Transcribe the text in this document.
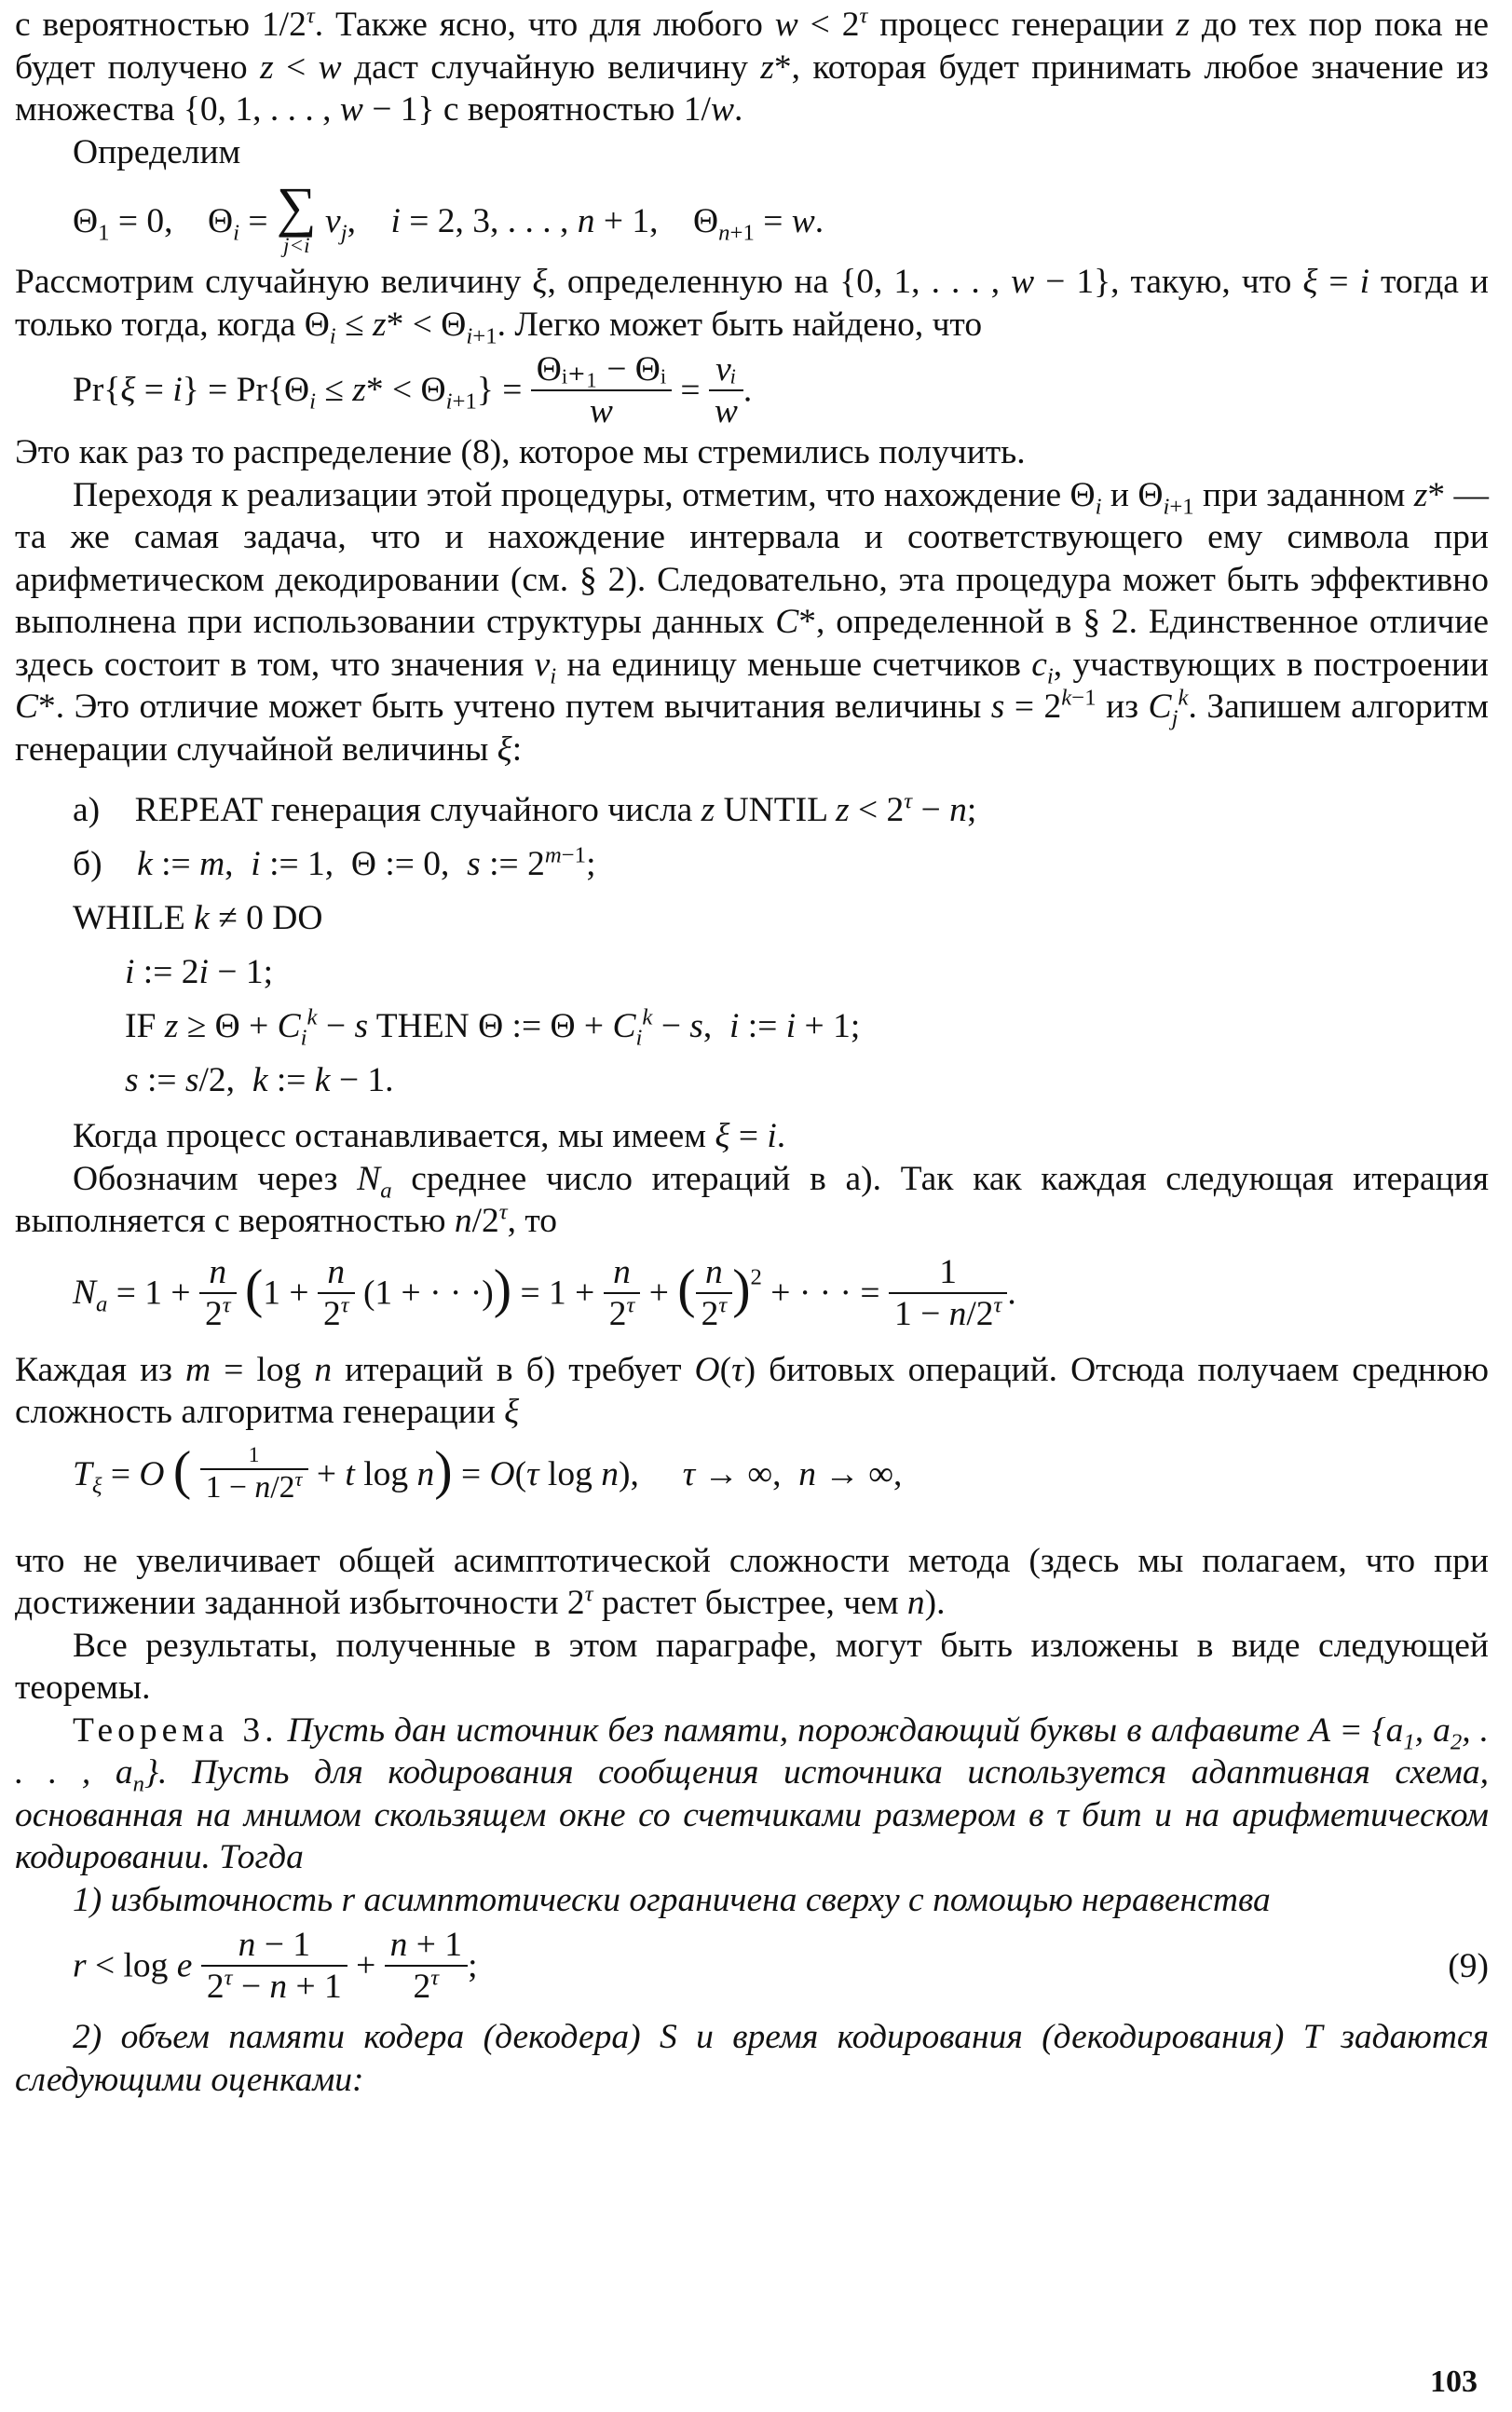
с вероятностью $1/2^\tau$. Также ясно, что для любого $w < 2^\tau$ процесс генерации z до тех пор пока не будет получено z < w даст случайную величину z*, которая будет принимать любое значение из множества {0, 1, . . . , w − 1} с вероятностью 1/w.

Определим

$\Theta_1 = 0$,    $\Theta_i$ = ∑
j<i
$\nu_j$,    i = 2, 3, . . . , n + 1,    $\Theta_{n+1} = w$.

Рассмотрим случайную величину ξ, определенную на {0, 1, . . . , w − 1}, такую, что ξ = i тогда и только тогда, когда $\Theta_i \le z* < \Theta_{i+1}$. Легко может быть найдено, что

$Pr\{\xi = i\} = Pr\{\Theta_i \le z* < \Theta_{i+1}\} = \frac{\text{Θᵢ₊₁ − Θᵢ}}{w} = \frac{\text{νᵢ}}{w}$ .

Это как раз то распределение (8), которое мы стремились получить.

Переходя к реализации этой процедуры, отметим, что нахождение $\Theta_i$ и $\Theta_{i+1}$ при заданном z* — та же самая задача, что и нахождение интервала и соответствующего ему символа при арифметическом декодировании (см. § 2). Следовательно, эта процедура может быть эффективно выполнена при использовании структуры данных C*, определенной в § 2. Единственное отличие здесь состоит в том, что значения $\nu_i$ на единицу меньше счетчиков $c_i$, участвующих в построении C*. Это отличие может быть учтено путем вычитания величины $s = 2^{k-1}$ из $C_j^k$. Запишем алгоритм генерации случайной величины ξ:

а)    REPEAT генерация случайного числа z UNTIL $z < 2^\tau - n$;
б)    k := m,  i := 1,  Θ := 0,  s := $2^{m-1}$;
WHILE k ≠ 0 DO
i := 2i − 1;
IF $z \ge \Theta + C_i^k - s$ THEN Θ := $\Theta + C_i^k - s$,  i := i + 1;
s := s/2,  k := k − 1.

Когда процесс останавливается, мы имеем ξ = i.

Обозначим через $N_a$ среднее число итераций в а). Так как каждая следующая итерация выполняется с вероятностью $n/2^\tau$, то

$N_a = 1 + \frac{n}{2^\tau} (1 + \frac{n}{2^\tau} (1$ + · · ·)) = $1 + \frac{n}{2^\tau}$ + ( $\frac{n}{2^\tau} )^2$ + · · · = $\frac{1}{1 - n/2^\tau}$ .

Каждая из m = log n итераций в б) требует O(τ) битовых операций. Отсюда получаем среднюю сложность алгоритма генерации ξ

$T_\xi = O$ ( $\frac{1}{1 - n/2^\tau} + t$ log n) = O(τ log n),     τ → ∞,  n → ∞,

что не увеличивает общей асимптотической сложности метода (здесь мы полагаем, что при достижении заданной избыточности $2^\tau$ растет быстрее, чем n).

Все результаты, полученные в этом параграфе, могут быть изложены в виде следующей теоремы.

Теорема 3. Пусть дан источник без памяти, порождающий буквы в алфавите $A = \{a_1$, $a_2$, . . . , $a_n$}. Пусть для кодирования сообщения источника используется адаптивная схема, основанная на мнимом скользящем окне со счетчиками размером в τ бит и на арифметическом кодировании. Тогда

1) избыточность r асимптотически ограничена сверху с помощью неравенства

r < log e $\frac{n - 1}{2^\tau - n + 1} + \frac{n + 1}{2^\tau}$ ;	(9)

2) объем памяти кодера (декодера) S и время кодирования (декодирования) T задаются следующими оценками:

103
